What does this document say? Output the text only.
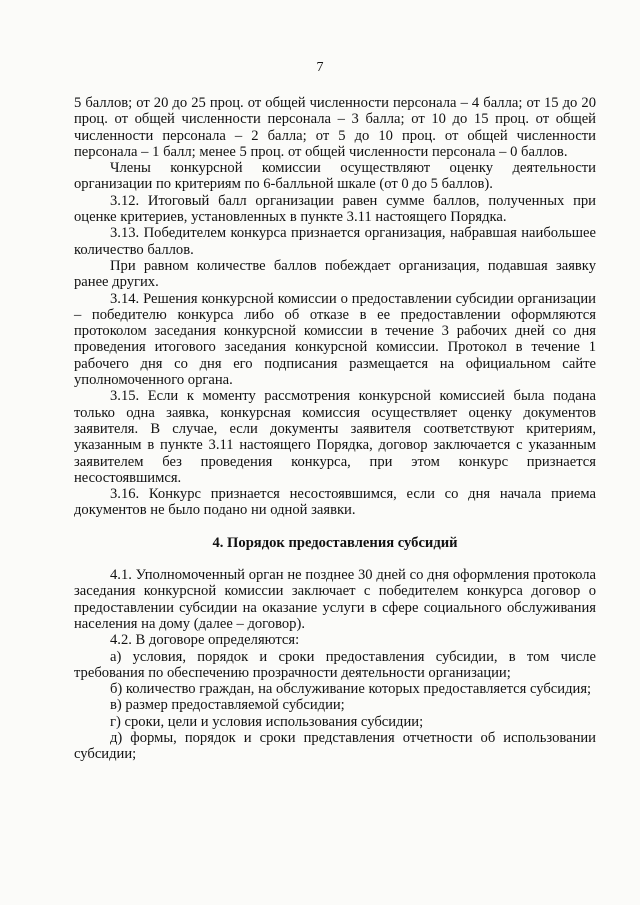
7

5 баллов; от 20 до 25 проц. от общей численности персонала – 4 балла; от 15 до 20 проц. от общей численности персонала – 3 балла; от 10 до 15 проц. от общей численности персонала – 2 балла; от 5 до 10 проц. от общей численности персонала – 1 балл; менее 5 проц. от общей численности персонала – 0 баллов.

Члены конкурсной комиссии осуществляют оценку деятельности организации по критериям по 6-балльной шкале (от 0 до 5 баллов).

3.12. Итоговый балл организации равен сумме баллов, полученных при оценке критериев, установленных в пункте 3.11 настоящего Порядка.

3.13. Победителем конкурса признается организация, набравшая наибольшее количество баллов.

При равном количестве баллов побеждает организация, подавшая заявку ранее других.

3.14. Решения конкурсной комиссии о предоставлении субсидии организации – победителю конкурса либо об отказе в ее предоставлении оформляются протоколом заседания конкурсной комиссии в течение 3 рабочих дней со дня проведения итогового заседания конкурсной комиссии. Протокол в течение 1 рабочего дня со дня его подписания размещается на официальном сайте уполномоченного органа.

3.15. Если к моменту рассмотрения конкурсной комиссией была подана только одна заявка, конкурсная комиссия осуществляет оценку документов заявителя. В случае, если документы заявителя соответствуют критериям, указанным в пункте 3.11 настоящего Порядка, договор заключается с указанным заявителем без проведения конкурса, при этом конкурс признается несостоявшимся.

3.16. Конкурс признается несостоявшимся, если со дня начала приема документов не было подано ни одной заявки.

4. Порядок предоставления субсидий

4.1. Уполномоченный орган не позднее 30 дней со дня оформления протокола заседания конкурсной комиссии заключает с победителем конкурса договор о предоставлении субсидии на оказание услуги в сфере социального обслуживания населения на дому (далее – договор).

4.2. В договоре определяются:

а) условия, порядок и сроки предоставления субсидии, в том числе требования по обеспечению прозрачности деятельности организации;

б) количество граждан, на обслуживание которых предоставляется субсидия;

в) размер предоставляемой субсидии;

г) сроки, цели и условия использования субсидии;

д) формы, порядок и сроки представления отчетности об использовании субсидии;
